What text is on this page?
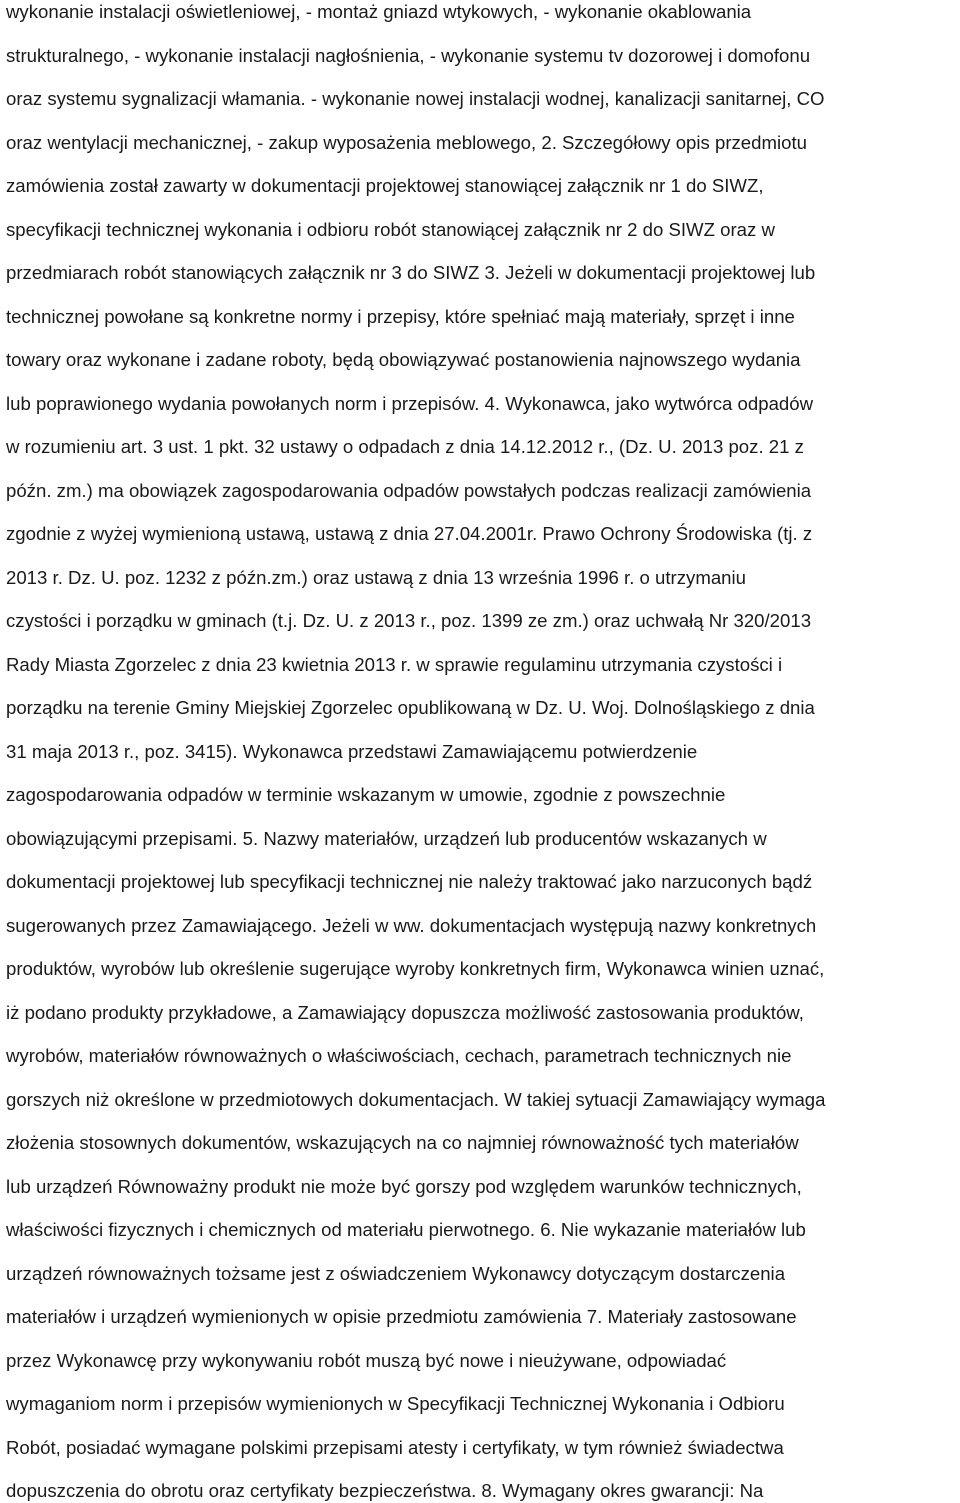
wykonanie instalacji oświetleniowej, - montaż gniazd wtykowych, - wykonanie okablowania
strukturalnego, - wykonanie instalacji nagłośnienia, - wykonanie systemu tv dozorowej i domofonu
oraz systemu sygnalizacji włamania. - wykonanie nowej instalacji wodnej, kanalizacji sanitarnej, CO
oraz wentylacji mechanicznej, - zakup wyposażenia meblowego, 2. Szczegółowy opis przedmiotu
zamówienia został zawarty w dokumentacji projektowej stanowiącej załącznik nr 1 do SIWZ,
specyfikacji technicznej wykonania i odbioru robót stanowiącej załącznik nr 2 do SIWZ oraz w
przedmiarach robót stanowiących załącznik nr 3 do SIWZ 3. Jeżeli w dokumentacji projektowej lub
technicznej powołane są konkretne normy i przepisy, które spełniać mają materiały, sprzęt i inne
towary oraz wykonane i zadane roboty, będą obowiązywać postanowienia najnowszego wydania
lub poprawionego wydania powołanych norm i przepisów. 4. Wykonawca, jako wytwórca odpadów
w rozumieniu art. 3 ust. 1 pkt. 32 ustawy o odpadach z dnia 14.12.2012 r., (Dz. U. 2013 poz. 21 z
późn. zm.) ma obowiązek zagospodarowania odpadów powstałych podczas realizacji zamówienia
zgodnie z wyżej wymienioną ustawą, ustawą z dnia 27.04.2001r. Prawo Ochrony Środowiska (tj. z
2013 r. Dz. U. poz. 1232 z późn.zm.) oraz ustawą z dnia 13 września 1996 r. o utrzymaniu
czystości i porządku w gminach (t.j. Dz. U. z 2013 r., poz. 1399 ze zm.) oraz uchwałą Nr 320/2013
Rady Miasta Zgorzelec z dnia 23 kwietnia 2013 r. w sprawie regulaminu utrzymania czystości i
porządku na terenie Gminy Miejskiej Zgorzelec opublikowaną w Dz. U. Woj. Dolnośląskiego z dnia
31 maja 2013 r., poz. 3415). Wykonawca przedstawi Zamawiającemu potwierdzenie
zagospodarowania odpadów w terminie wskazanym w umowie, zgodnie z powszechnie
obowiązującymi przepisami. 5. Nazwy materiałów, urządzeń lub producentów wskazanych w
dokumentacji projektowej lub specyfikacji technicznej nie należy traktować jako narzuconych bądź
sugerowanych przez Zamawiającego. Jeżeli w ww. dokumentacjach występują nazwy konkretnych
produktów, wyrobów lub określenie sugerujące wyroby konkretnych firm, Wykonawca winien uznać,
iż podano produkty przykładowe, a Zamawiający dopuszcza możliwość zastosowania produktów,
wyrobów, materiałów równoważnych o właściwościach, cechach, parametrach technicznych nie
gorszych niż określone w przedmiotowych dokumentacjach. W takiej sytuacji Zamawiający wymaga
złożenia stosownych dokumentów, wskazujących na co najmniej równoważność tych materiałów
lub urządzeń Równoważny produkt nie może być gorszy pod względem warunków technicznych,
właściwości fizycznych i chemicznych od materiału pierwotnego. 6. Nie wykazanie materiałów lub
urządzeń równoważnych tożsame jest z oświadczeniem Wykonawcy dotyczącym dostarczenia
materiałów i urządzeń wymienionych w opisie przedmiotu zamówienia 7. Materiały zastosowane
przez Wykonawcę przy wykonywaniu robót muszą być nowe i nieużywane, odpowiadać
wymaganiom norm i przepisów wymienionych w Specyfikacji Technicznej Wykonania i Odbioru
Robót, posiadać wymagane polskimi przepisami atesty i certyfikaty, w tym również świadectwa
dopuszczenia do obrotu oraz certyfikaty bezpieczeństwa. 8. Wymagany okres gwarancji: Na
